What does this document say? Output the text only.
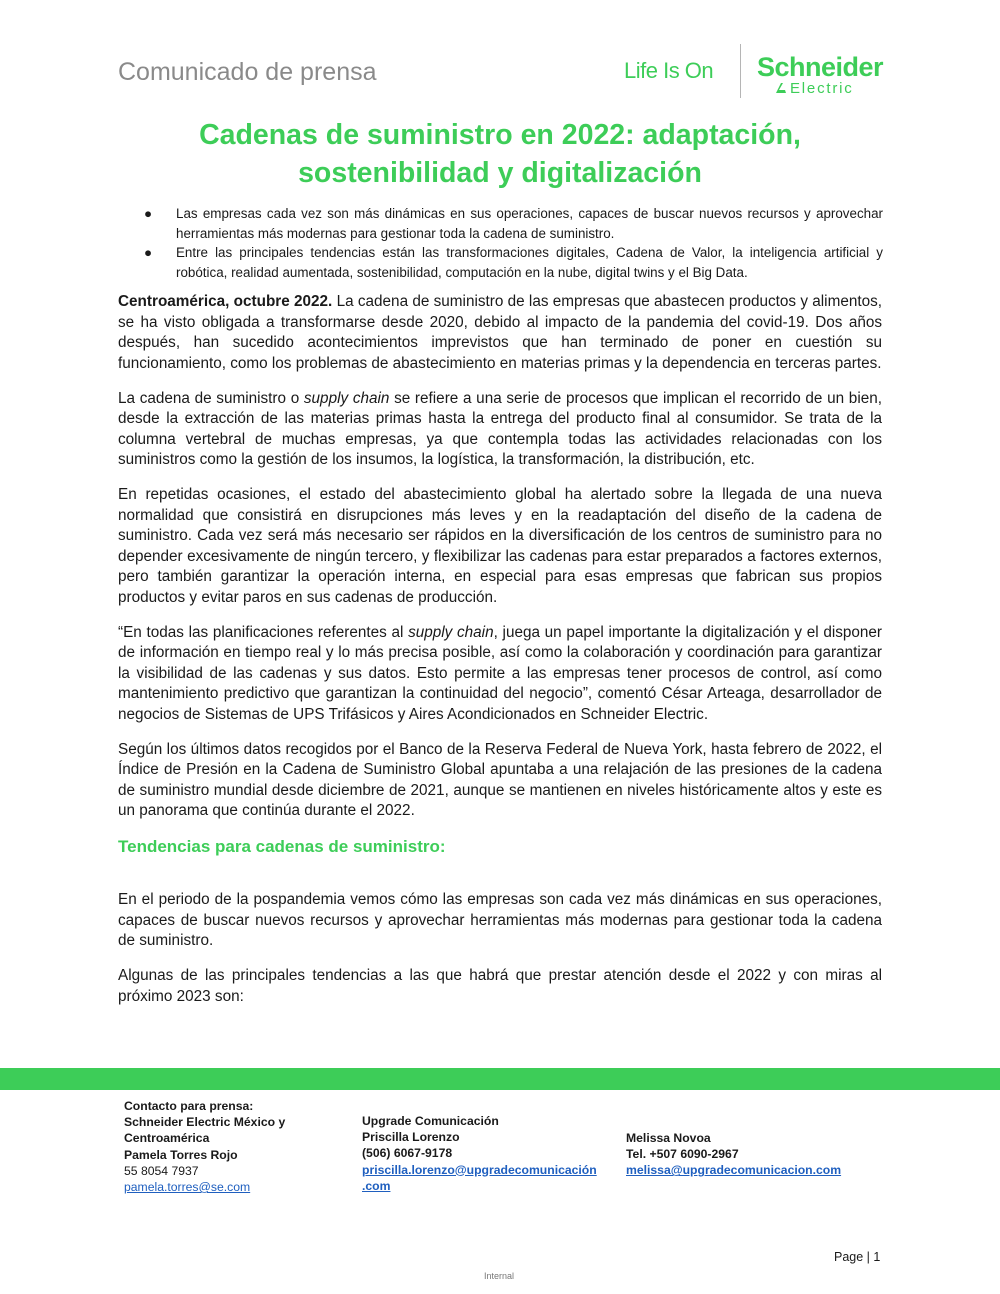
Comunicado de prensa	Life Is On Schneider
Electric
Cadenas de suministro en 2022: adaptación,
sostenibilidad y digitalización
● Las empresas cada vez son más dinámicas en sus operaciones, capaces de buscar nuevos recursos y aprovechar herramientas más modernas para gestionar toda la cadena de suministro.
● Entre las principales tendencias están las transformaciones digitales, Cadena de Valor, la inteligencia artificial y robótica, realidad aumentada, sostenibilidad, computación en la nube, digital twins y el Big Data.

Centroamérica, octubre 2022. La cadena de suministro de las empresas que abastecen productos y alimentos, se ha visto obligada a transformarse desde 2020, debido al impacto de la pandemia del covid-19. Dos años después, han sucedido acontecimientos imprevistos que han terminado de poner en cuestión su funcionamiento, como los problemas de abastecimiento en materias primas y la dependencia en terceras partes.

La cadena de suministro o supply chain se refiere a una serie de procesos que implican el recorrido de un bien, desde la extracción de las materias primas hasta la entrega del producto final al consumidor. Se trata de la columna vertebral de muchas empresas, ya que contempla todas las actividades relacionadas con los suministros como la gestión de los insumos, la logística, la transformación, la distribución, etc.

En repetidas ocasiones, el estado del abastecimiento global ha alertado sobre la llegada de una nueva normalidad que consistirá en disrupciones más leves y en la readaptación del diseño de la cadena de suministro. Cada vez será más necesario ser rápidos en la diversificación de los centros de suministro para no depender excesivamente de ningún tercero, y flexibilizar las cadenas para estar preparados a factores externos, pero también garantizar la operación interna, en especial para esas empresas que fabrican sus propios productos y evitar paros en sus cadenas de producción.

“En todas las planificaciones referentes al supply chain, juega un papel importante la digitalización y el disponer de información en tiempo real y lo más precisa posible, así como la colaboración y coordinación para garantizar la visibilidad de las cadenas y sus datos. Esto permite a las empresas tener procesos de control, así como mantenimiento predictivo que garantizan la continuidad del negocio”, comentó César Arteaga, desarrollador de negocios de Sistemas de UPS Trifásicos y Aires Acondicionados en Schneider Electric.

Según los últimos datos recogidos por el Banco de la Reserva Federal de Nueva York, hasta febrero de 2022, el Índice de Presión en la Cadena de Suministro Global apuntaba a una relajación de las presiones de la cadena de suministro mundial desde diciembre de 2021, aunque se mantienen en niveles históricamente altos y este es un panorama que continúa durante el 2022.

Tendencias para cadenas de suministro:

En el periodo de la pospandemia vemos cómo las empresas son cada vez más dinámicas en sus operaciones, capaces de buscar nuevos recursos y aprovechar herramientas más modernas para gestionar toda la cadena de suministro.

Algunas de las principales tendencias a las que habrá que prestar atención desde el 2022 y con miras al próximo 2023 son:

Contacto para prensa:
Schneider Electric México y
Centroamérica
Pamela Torres Rojo
55 8054 7937
pamela.torres@se.com
Upgrade Comunicación
Priscilla Lorenzo
(506) 6067-9178
priscilla.lorenzo@upgradecomunicación
.com
Melissa Novoa
Tel. +507 6090-2967
melissa@upgradecomunicacion.com
Page | 1
Internal
